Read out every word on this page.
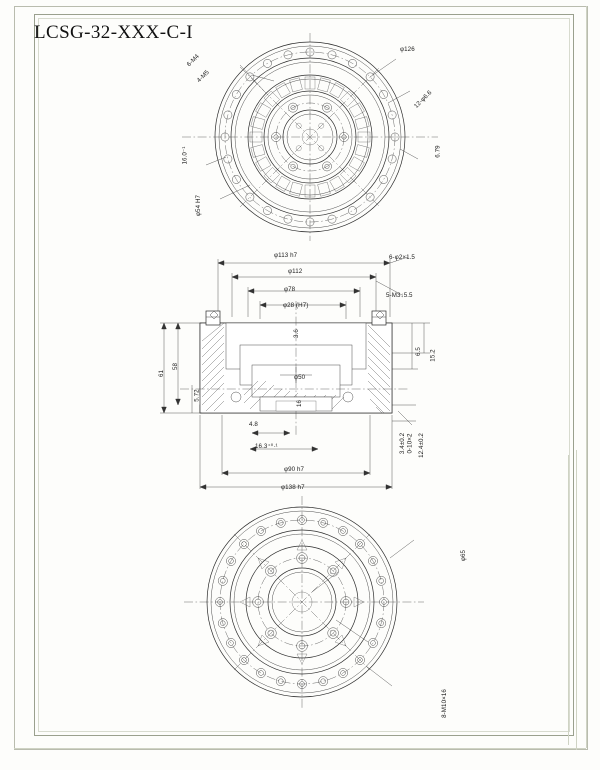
LCSG-32-XXX-C-I
6-M4
4-M5
16.0⁻¹
φ54 H7
φ126
12-φ6.6
6.79
φ113 h7
φ112
φ78
φ28 (H7)
6-φ2×1.5
5-M3↓5.5
3.6
6.5 15.2
58
61
5.72
φ50
16
4.8
16.3⁺⁰·¹	3.4±0.2 12.4±0.2
0-10×2
φ90 h7
φ138 h7
φ65
8-M10×16
